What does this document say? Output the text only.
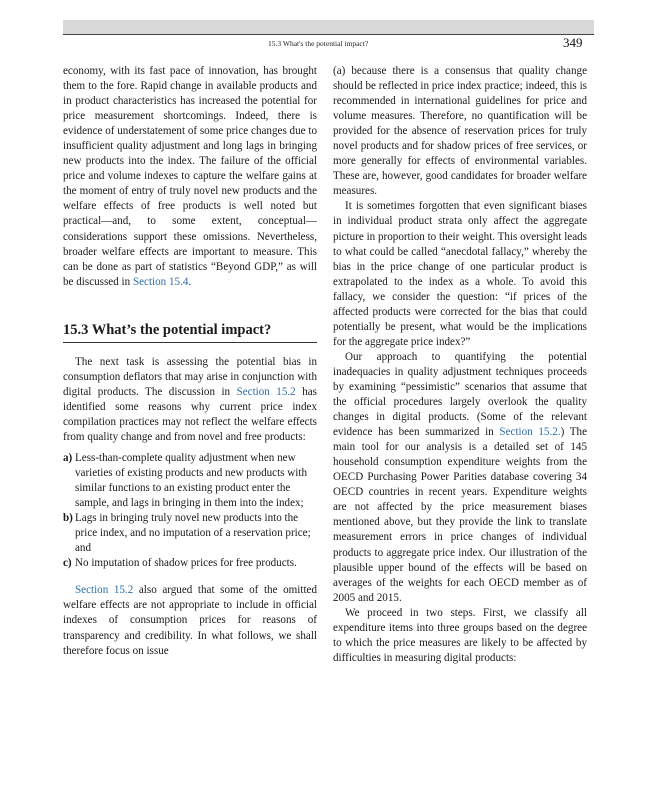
15.3 What's the potential impact?	349

economy, with its fast pace of innovation, has brought them to the fore. Rapid change in available products and in product characteristics has increased the potential for price measurement shortcomings. Indeed, there is evidence of understatement of some price changes due to insufficient quality adjustment and long lags in bringing new products into the index. The failure of the official price and volume indexes to capture the welfare gains at the moment of entry of truly novel new products and the welfare effects of free products is well noted but practical—and, to some extent, conceptual—considerations support these omissions. Nevertheless, broader welfare effects are important to measure. This can be done as part of statistics “Beyond GDP,” as will be discussed in Section 15.4.

15.3 What’s the potential impact?

The next task is assessing the potential bias in consumption deflators that may arise in conjunction with digital products. The discussion in Section 15.2 has identified some reasons why current price index compilation practices may not reflect the welfare effects from quality change and from novel and free products:

a) Less-than-complete quality adjustment when new varieties of existing products and new products with similar functions to an existing product enter the sample, and lags in bringing in them into the index;
b) Lags in bringing truly novel new products into the price index, and no imputation of a reservation price; and
c) No imputation of shadow prices for free products.

Section 15.2 also argued that some of the omitted welfare effects are not appropriate to include in official indexes of consumption prices for reasons of transparency and credibility. In what follows, we shall therefore focus on issue

(a) because there is a consensus that quality change should be reflected in price index practice; indeed, this is recommended in international guidelines for price and volume measures. Therefore, no quantification will be provided for the absence of reservation prices for truly novel products and for shadow prices of free services, or more generally for effects of environmental variables. These are, however, good candidates for broader welfare measures.

It is sometimes forgotten that even significant biases in individual product strata only affect the aggregate picture in proportion to their weight. This oversight leads to what could be called “anecdotal fallacy,” whereby the bias in the price change of one particular product is extrapolated to the index as a whole. To avoid this fallacy, we consider the question: “if prices of the affected products were corrected for the bias that could potentially be present, what would be the implications for the aggregate price index?”

Our approach to quantifying the potential inadequacies in quality adjustment techniques proceeds by examining “pessimistic” scenarios that assume that the official procedures largely overlook the quality changes in digital products. (Some of the relevant evidence has been summarized in Section 15.2.) The main tool for our analysis is a detailed set of 145 household consumption expenditure weights from the OECD Purchasing Power Parities database covering 34 OECD countries in recent years. Expenditure weights are not affected by the price measurement biases mentioned above, but they provide the link to translate measurement errors in price changes of individual products to aggregate price index. Our illustration of the plausible upper bound of the effects will be based on averages of the weights for each OECD member as of 2005 and 2015.

We proceed in two steps. First, we classify all expenditure items into three groups based on the degree to which the price measures are likely to be affected by difficulties in measuring digital products:
